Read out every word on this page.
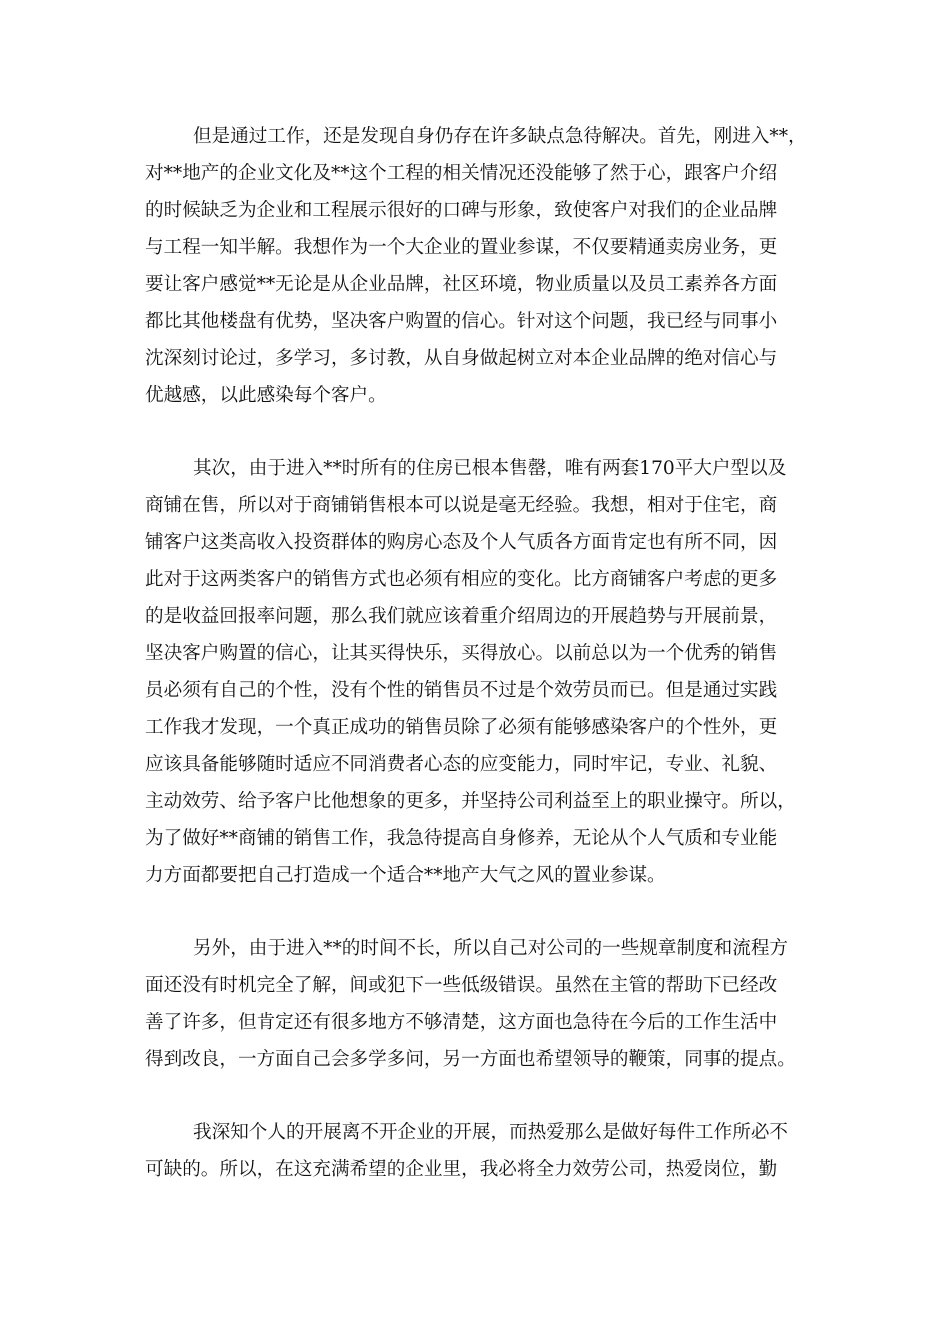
但是通过工作，还是发现自身仍存在许多缺点急待解决。首先，刚进入**，
对**地产的企业文化及**这个工程的相关情况还没能够了然于心，跟客户介绍
的时候缺乏为企业和工程展示很好的口碑与形象，致使客户对我们的企业品牌
与工程一知半解。我想作为一个大企业的置业参谋，不仅要精通卖房业务，更
要让客户感觉**无论是从企业品牌，社区环境，物业质量以及员工素养各方面
都比其他楼盘有优势，坚决客户购置的信心。针对这个问题，我已经与同事小
沈深刻讨论过，多学习，多讨教，从自身做起树立对本企业品牌的绝对信心与
优越感，以此感染每个客户。
其次，由于进入**时所有的住房已根本售罄，唯有两套170平大户型以及
商铺在售，所以对于商铺销售根本可以说是毫无经验。我想，相对于住宅，商
铺客户这类高收入投资群体的购房心态及个人气质各方面肯定也有所不同，因
此对于这两类客户的销售方式也必须有相应的变化。比方商铺客户考虑的更多
的是收益回报率问题，那么我们就应该着重介绍周边的开展趋势与开展前景，
坚决客户购置的信心，让其买得快乐，买得放心。以前总以为一个优秀的销售
员必须有自己的个性，没有个性的销售员不过是个效劳员而已。但是通过实践
工作我才发现，一个真正成功的销售员除了必须有能够感染客户的个性外，更
应该具备能够随时适应不同消费者心态的应变能力，同时牢记，专业、礼貌、
主动效劳、给予客户比他想象的更多，并坚持公司利益至上的职业操守。所以，
为了做好**商铺的销售工作，我急待提高自身修养，无论从个人气质和专业能
力方面都要把自己打造成一个适合**地产大气之风的置业参谋。
另外，由于进入**的时间不长，所以自己对公司的一些规章制度和流程方
面还没有时机完全了解，间或犯下一些低级错误。虽然在主管的帮助下已经改
善了许多，但肯定还有很多地方不够清楚，这方面也急待在今后的工作生活中
得到改良，一方面自己会多学多问，另一方面也希望领导的鞭策，同事的提点。
我深知个人的开展离不开企业的开展，而热爱那么是做好每件工作所必不
可缺的。所以，在这充满希望的企业里，我必将全力效劳公司，热爱岗位，勤
